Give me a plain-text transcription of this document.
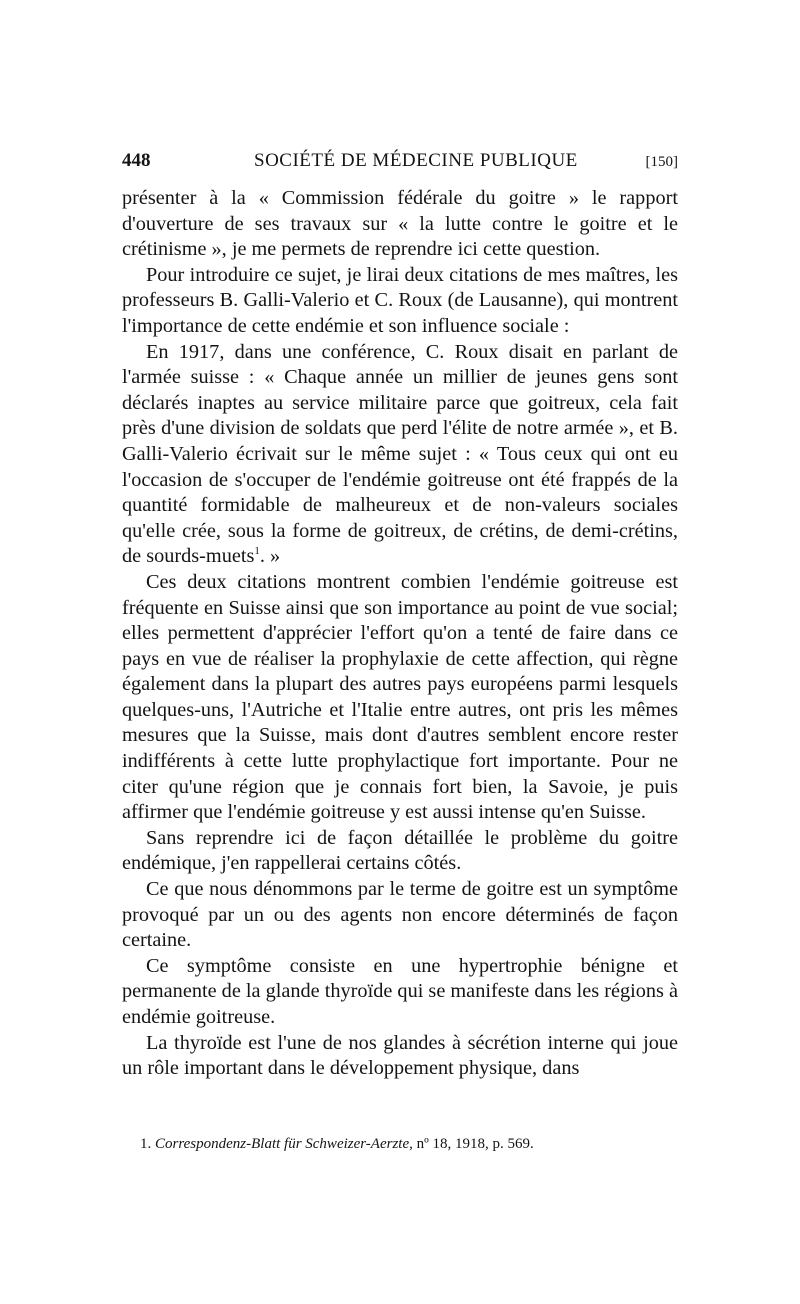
448	SOCIÉTÉ DE MÉDECINE PUBLIQUE	[150]

présenter à la « Commission fédérale du goitre » le rapport d'ouverture de ses travaux sur « la lutte contre le goitre et le crétinisme », je me permets de reprendre ici cette question.

Pour introduire ce sujet, je lirai deux citations de mes maîtres, les professeurs B. Galli-Valerio et C. Roux (de Lausanne), qui montrent l'importance de cette endémie et son influence sociale :

En 1917, dans une conférence, C. Roux disait en parlant de l'armée suisse : « Chaque année un millier de jeunes gens sont déclarés inaptes au service militaire parce que goitreux, cela fait près d'une division de soldats que perd l'élite de notre armée », et B. Galli-Valerio écrivait sur le même sujet : « Tous ceux qui ont eu l'occasion de s'occuper de l'endémie goitreuse ont été frappés de la quantité formidable de malheureux et de non-valeurs sociales qu'elle crée, sous la forme de goitreux, de crétins, de demi-crétins, de sourds-muets$^1$. »

Ces deux citations montrent combien l'endémie goitreuse est fréquente en Suisse ainsi que son importance au point de vue social; elles permettent d'apprécier l'effort qu'on a tenté de faire dans ce pays en vue de réaliser la prophylaxie de cette affection, qui règne également dans la plupart des autres pays européens parmi lesquels quelques-uns, l'Autriche et l'Italie entre autres, ont pris les mêmes mesures que la Suisse, mais dont d'autres semblent encore rester indifférents à cette lutte prophylactique fort importante. Pour ne citer qu'une région que je connais fort bien, la Savoie, je puis affirmer que l'endémie goitreuse y est aussi intense qu'en Suisse.

Sans reprendre ici de façon détaillée le problème du goitre endémique, j'en rappellerai certains côtés.

Ce que nous dénommons par le terme de goitre est un symptôme provoqué par un ou des agents non encore déterminés de façon certaine.

Ce symptôme consiste en une hypertrophie bénigne et permanente de la glande thyroïde qui se manifeste dans les régions à endémie goitreuse.

La thyroïde est l'une de nos glandes à sécrétion interne qui joue un rôle important dans le développement physique, dans

1. Correspondenz-Blatt für Schweizer-Aerzte, nº 18, 1918, p. 569.
